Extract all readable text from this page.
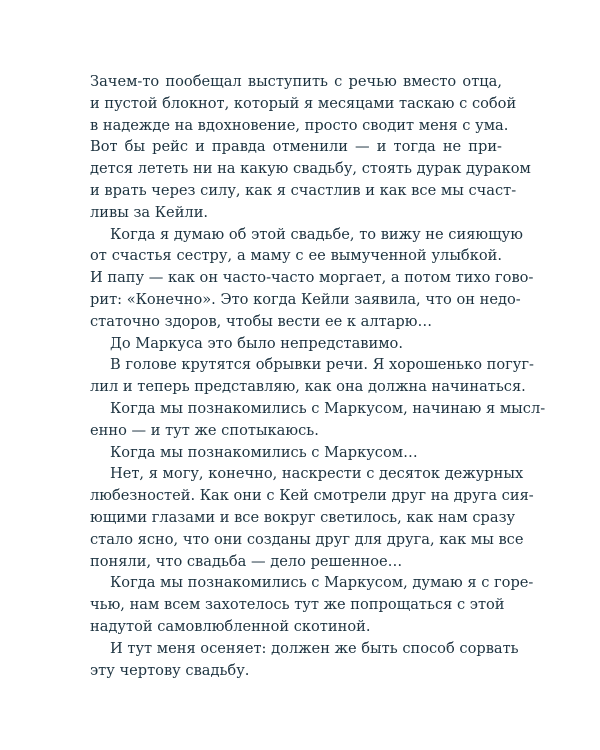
Зачем-то пообещал выступить с речью вместо отца,
и пустой блокнот, который я месяцами таскаю с собой
в надежде на вдохновение, просто сводит меня с ума.
Вот бы рейс и правда отменили — и тогда не при-
дется лететь ни на какую свадьбу, стоять дурак дураком
и врать через силу, как я счастлив и как все мы счаст-
ливы за Кейли.
Когда я думаю об этой свадьбе, то вижу не сияющую
от счастья сестру, а маму с ее вымученной улыбкой.
И папу — как он часто-часто моргает, а потом тихо гово-
рит: «Конечно». Это когда Кейли заявила, что он недо-
статочно здоров, чтобы вести ее к алтарю…
До Маркуса это было непредставимо.
В голове крутятся обрывки речи. Я хорошенько погуг-
лил и теперь представляю, как она должна начинаться.
Когда мы познакомились с Маркусом, начинаю я мысл-
енно — и тут же спотыкаюсь.
Когда мы познакомились с Маркусом…
Нет, я могу, конечно, наскрести с десяток дежурных
любезностей. Как они с Кей смотрели друг на друга сия-
ющими глазами и все вокруг светилось, как нам сразу
стало ясно, что они созданы друг для друга, как мы все
поняли, что свадьба — дело решенное…
Когда мы познакомились с Маркусом, думаю я с горе-
чью, нам всем захотелось тут же попрощаться с этой
надутой самовлюбленной скотиной.
И тут меня осеняет: должен же быть способ сорвать
эту чертову свадьбу.
